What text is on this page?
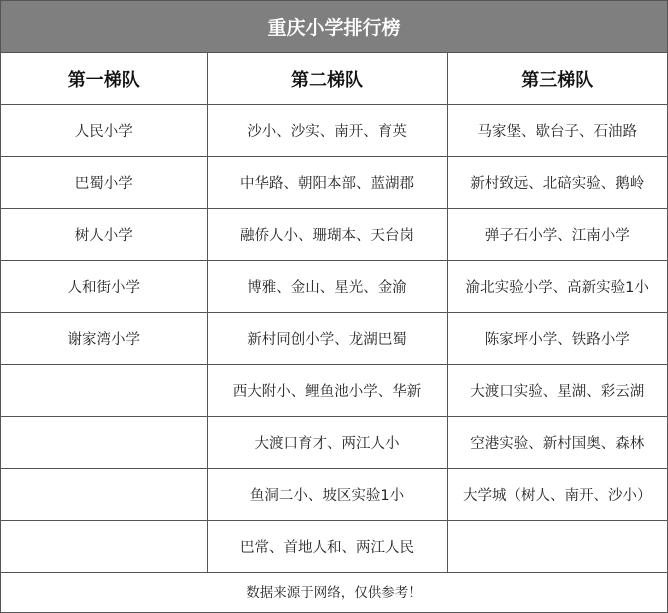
重庆小学排行榜
第一梯队	第二梯队	第三梯队
人民小学	沙小、沙实、南开、育英	马家堡、歇台子、石油路
巴蜀小学	中华路、朝阳本部、蓝湖郡	新村致远、北碚实验、鹅岭
树人小学	融侨人小、珊瑚本、天台岗	弹子石小学、江南小学
人和街小学	博雅、金山、星光、金渝	渝北实验小学、高新实验1小
谢家湾小学	新村同创小学、龙湖巴蜀	陈家坪小学、铁路小学
	西大附小、鲤鱼池小学、华新	大渡口实验、星湖、彩云湖
	大渡口育才、两江人小	空港实验、新村国奥、森林
	鱼洞二小、坡区实验1小	大学城（树人、南开、沙小）
	巴常、首地人和、两江人民	
数据来源于网络，仅供参考！
